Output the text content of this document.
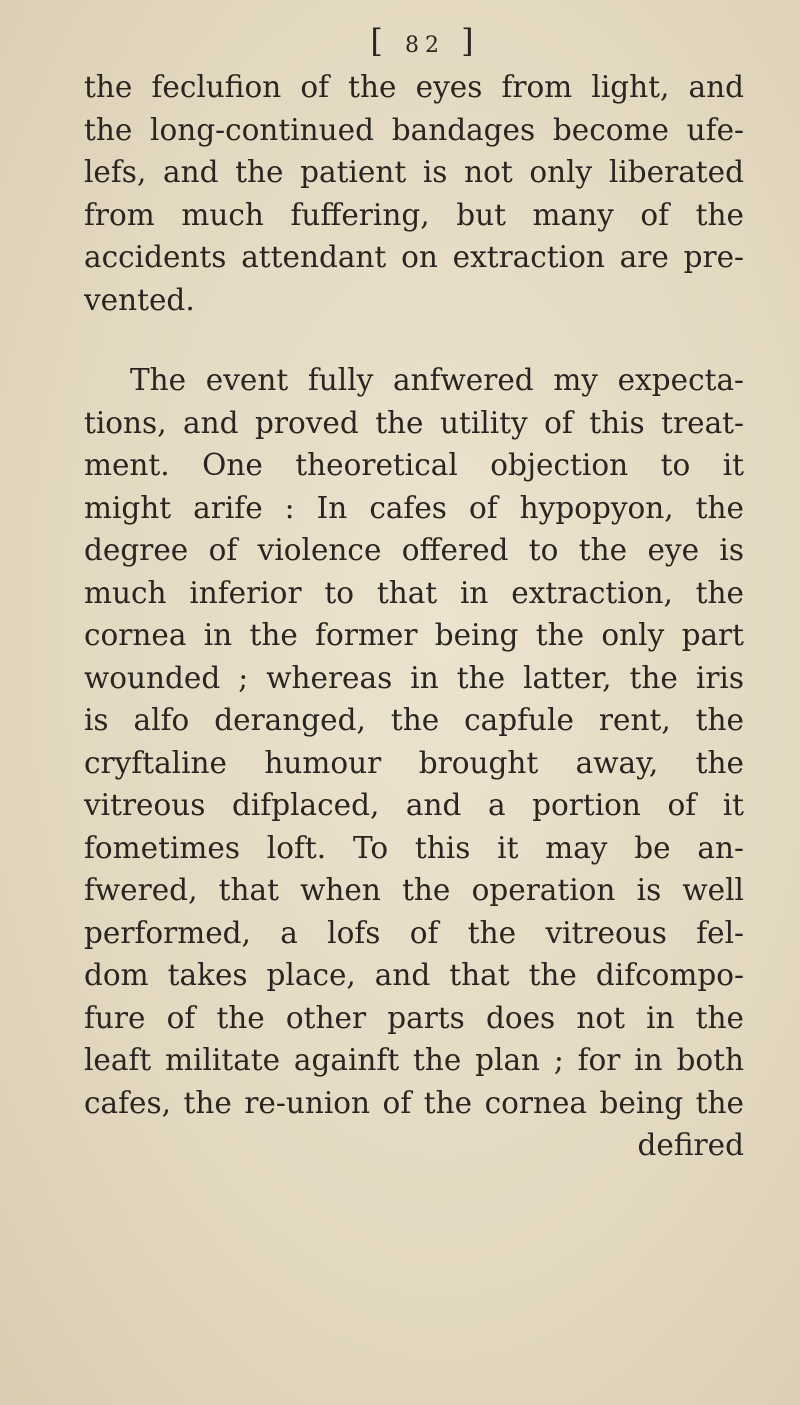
[ 82 ]
the feclufion of the eyes from light, and
the long-continued bandages become ufe-
lefs, and the patient is not only liberated
from much fuffering, but many of the
accidents attendant on extraction are pre-
vented.
The event fully anfwered my expecta-
tions, and proved the utility of this treat-
ment. One theoretical objection to it
might arife : In cafes of hypopyon, the
degree of violence offered to the eye is
much inferior to that in extraction, the
cornea in the former being the only part
wounded ; whereas in the latter, the iris
is alfo deranged, the capfule rent, the
cryftaline humour brought away, the
vitreous difplaced, and a portion of it
fometimes loft. To this it may be an-
fwered, that when the operation is well
performed, a lofs of the vitreous fel-
dom takes place, and that the difcompo-
fure of the other parts does not in the
leaft militate againft the plan ; for in both
cafes, the re-union of the cornea being the
defired
